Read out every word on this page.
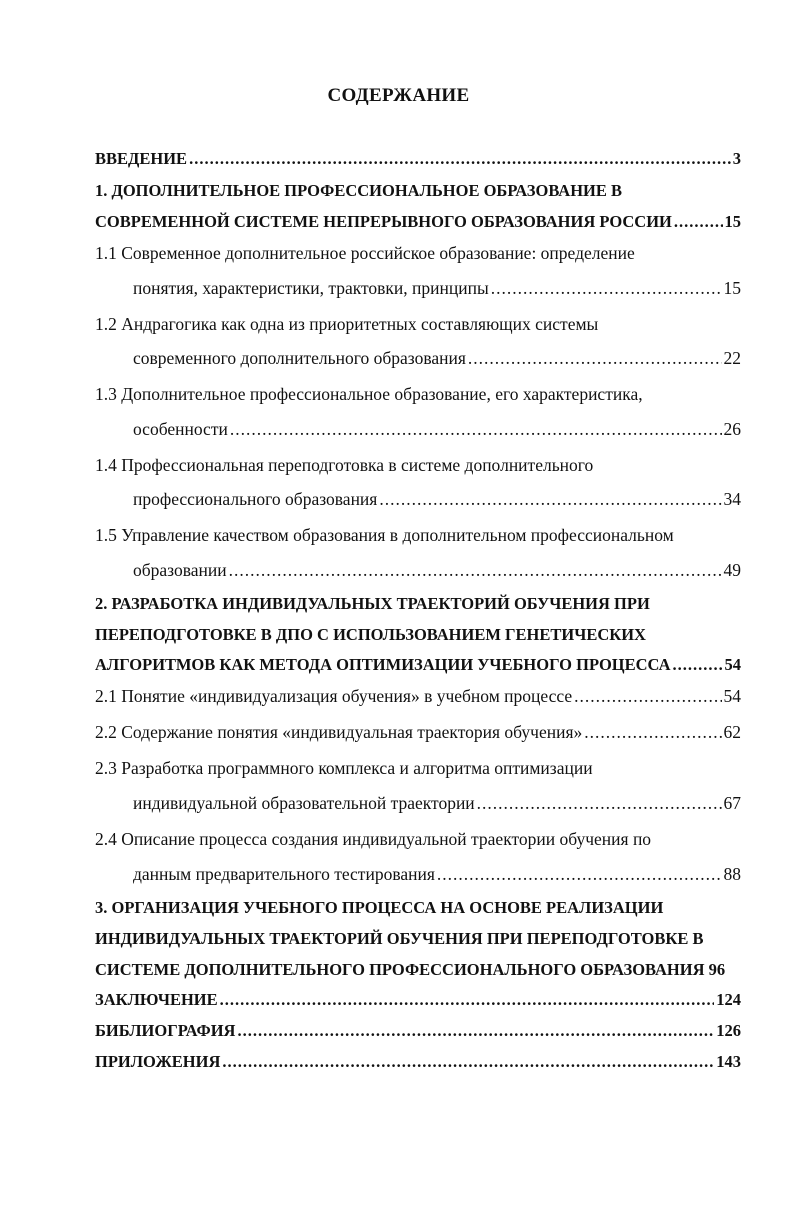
СОДЕРЖАНИЕ
ВВЕДЕНИЕ .....	3
1. ДОПОЛНИТЕЛЬНОЕ ПРОФЕССИОНАЛЬНОЕ ОБРАЗОВАНИЕ В
СОВРЕМЕННОЙ СИСТЕМЕ НЕПРЕРЫВНОГО ОБРАЗОВАНИЯ РОССИИ .....	15
1.1 Современное дополнительное российское образование: определение
понятия, характеристики, трактовки, принципы .....	15
1.2 Андрагогика как одна из приоритетных составляющих системы
современного дополнительного образования .....	22
1.3 Дополнительное профессиональное образование, его характеристика,
особенности .....	26
1.4 Профессиональная переподготовка в системе дополнительного
профессионального образования .....	34
1.5 Управление качеством образования в дополнительном профессиональном
образовании .....	49
2. РАЗРАБОТКА ИНДИВИДУАЛЬНЫХ ТРАЕКТОРИЙ ОБУЧЕНИЯ ПРИ
ПЕРЕПОДГОТОВКЕ В ДПО С ИСПОЛЬЗОВАНИЕМ ГЕНЕТИЧЕСКИХ
АЛГОРИТМОВ КАК МЕТОДА ОПТИМИЗАЦИИ УЧЕБНОГО ПРОЦЕССА .....	54
2.1 Понятие «индивидуализация обучения» в учебном процессе .....	54
2.2 Содержание понятия «индивидуальная траектория обучения» .....	62
2.3 Разработка программного комплекса и алгоритма оптимизации
индивидуальной образовательной траектории .....	67
2.4 Описание процесса создания индивидуальной траектории обучения по
данным предварительного тестирования .....	88
3. ОРГАНИЗАЦИЯ УЧЕБНОГО ПРОЦЕССА НА ОСНОВЕ РЕАЛИЗАЦИИ
ИНДИВИДУАЛЬНЫХ ТРАЕКТОРИЙ ОБУЧЕНИЯ ПРИ ПЕРЕПОДГОТОВКЕ В
СИСТЕМЕ ДОПОЛНИТЕЛЬНОГО ПРОФЕССИОНАЛЬНОГО ОБРАЗОВАНИЯ 96
ЗАКЛЮЧЕНИЕ .....	124
БИБЛИОГРАФИЯ .....	126
ПРИЛОЖЕНИЯ .....	143
